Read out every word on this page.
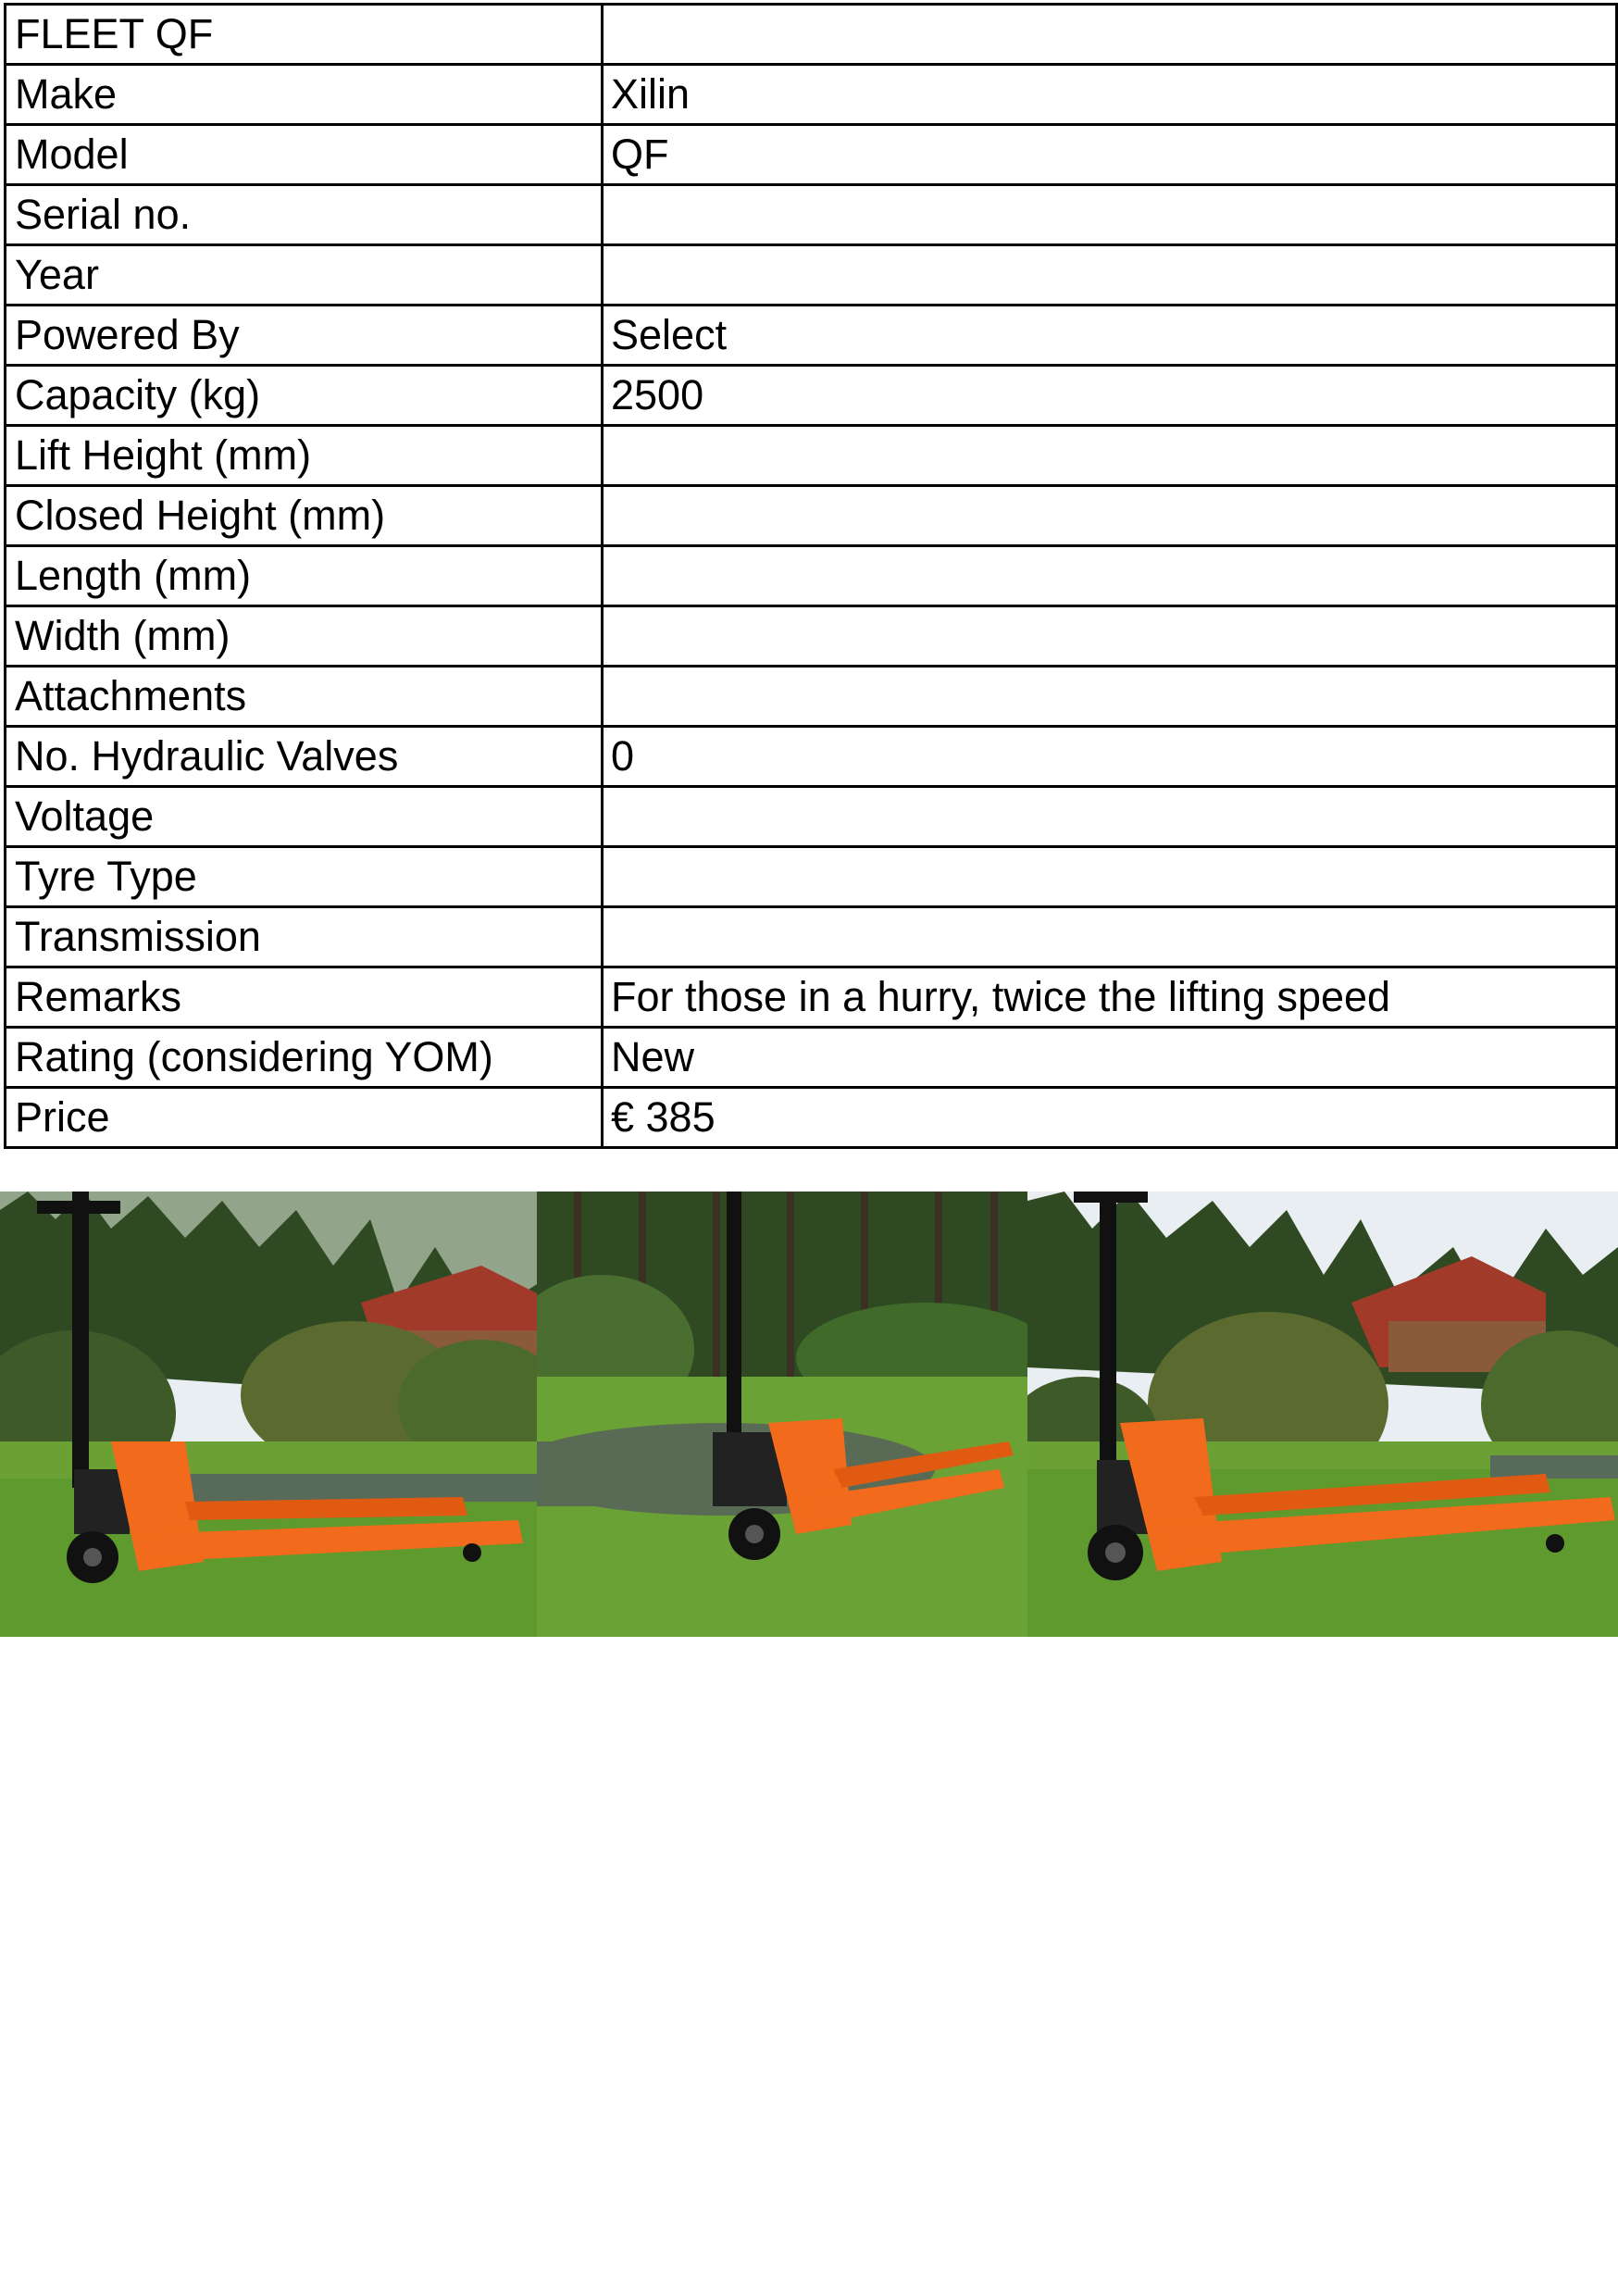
FLEET QF	
Make	Xilin
Model	QF
Serial no.	
Year	
Powered By	Select
Capacity (kg)	2500
Lift Height (mm)	
Closed Height (mm)	
Length (mm)	
Width (mm)	
Attachments	
No. Hydraulic Valves	0
Voltage	
Tyre Type	
Transmission	
Remarks	For those in a hurry, twice the lifting speed
Rating (considering YOM)	New
Price	€ 385
